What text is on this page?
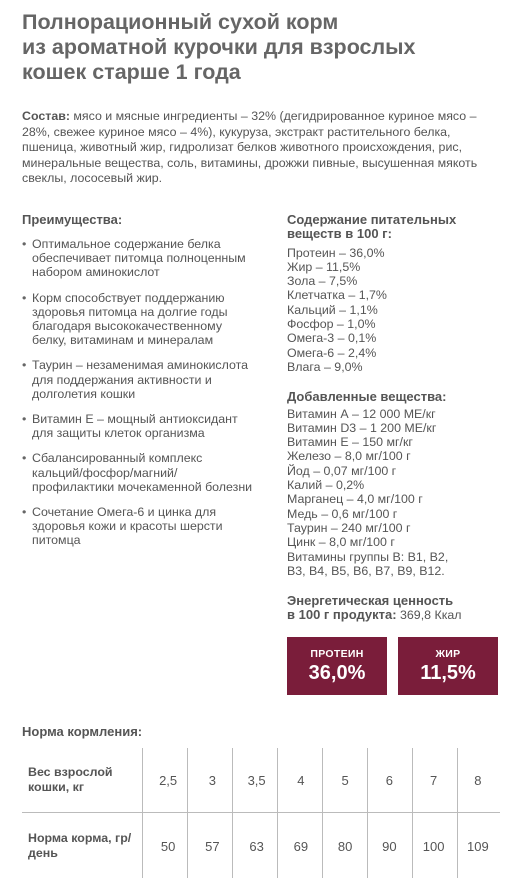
Полнорационный сухой корм
из ароматной курочки для взрослых
кошек старше 1 года
Состав: мясо и мясные ингредиенты – 32% (дегидрированное куриное мясо – 28%, свежее куриное мясо – 4%), кукуруза, экстракт растительного белка, пшеница, животный жир, гидролизат белков животного происхождения, рис, минеральные вещества, соль, витамины, дрожжи пивные, высушенная мякоть свеклы, лососевый жир.
Преимущества:
• Оптимальное содержание белка обеспечивает питомца полноценным набором аминокислот
• Корм способствует поддержанию здоровья питомца на долгие годы благодаря высококачественному белку, витаминам и минералам
• Таурин – незаменимая аминокислота для поддержания активности и долголетия кошки
• Витамин Е – мощный антиоксидант для защиты клеток организма
• Сбалансированный комплекс кальций/фосфор/магний/ профилактики мочекаменной болезни
• Сочетание Омега-6 и цинка для здоровья кожи и красоты шерсти питомца
Содержание питательных
веществ в 100 г:
Протеин – 36,0%
Жир – 11,5%
Зола – 7,5%
Клетчатка – 1,7%
Кальций – 1,1%
Фосфор – 1,0%
Омега-3 – 0,1%
Омега-6 – 2,4%
Влага – 9,0%
Добавленные вещества:
Витамин А – 12 000 МЕ/кг
Витамин D3 – 1 200 МЕ/кг
Витамин Е – 150 мг/кг
Железо – 8,0 мг/100 г
Йод – 0,07 мг/100 г
Калий – 0,2%
Марганец – 4,0 мг/100 г
Медь – 0,6 мг/100 г
Таурин – 240 мг/100 г
Цинк – 8,0 мг/100 г
Витамины группы В: B1, B2,
B3, B4, B5, B6, B7, B9, B12.
Энергетическая ценность
в 100 г продукта: 369,8 Ккал
ПРОТЕИН
36,0%
ЖИР
11,5%
Норма кормления:
Вес взрослой кошки, кг	2,5	3	3,5	4	5	6	7	8
Норма корма, гр/день	50	57	63	69	80	90	100	109
